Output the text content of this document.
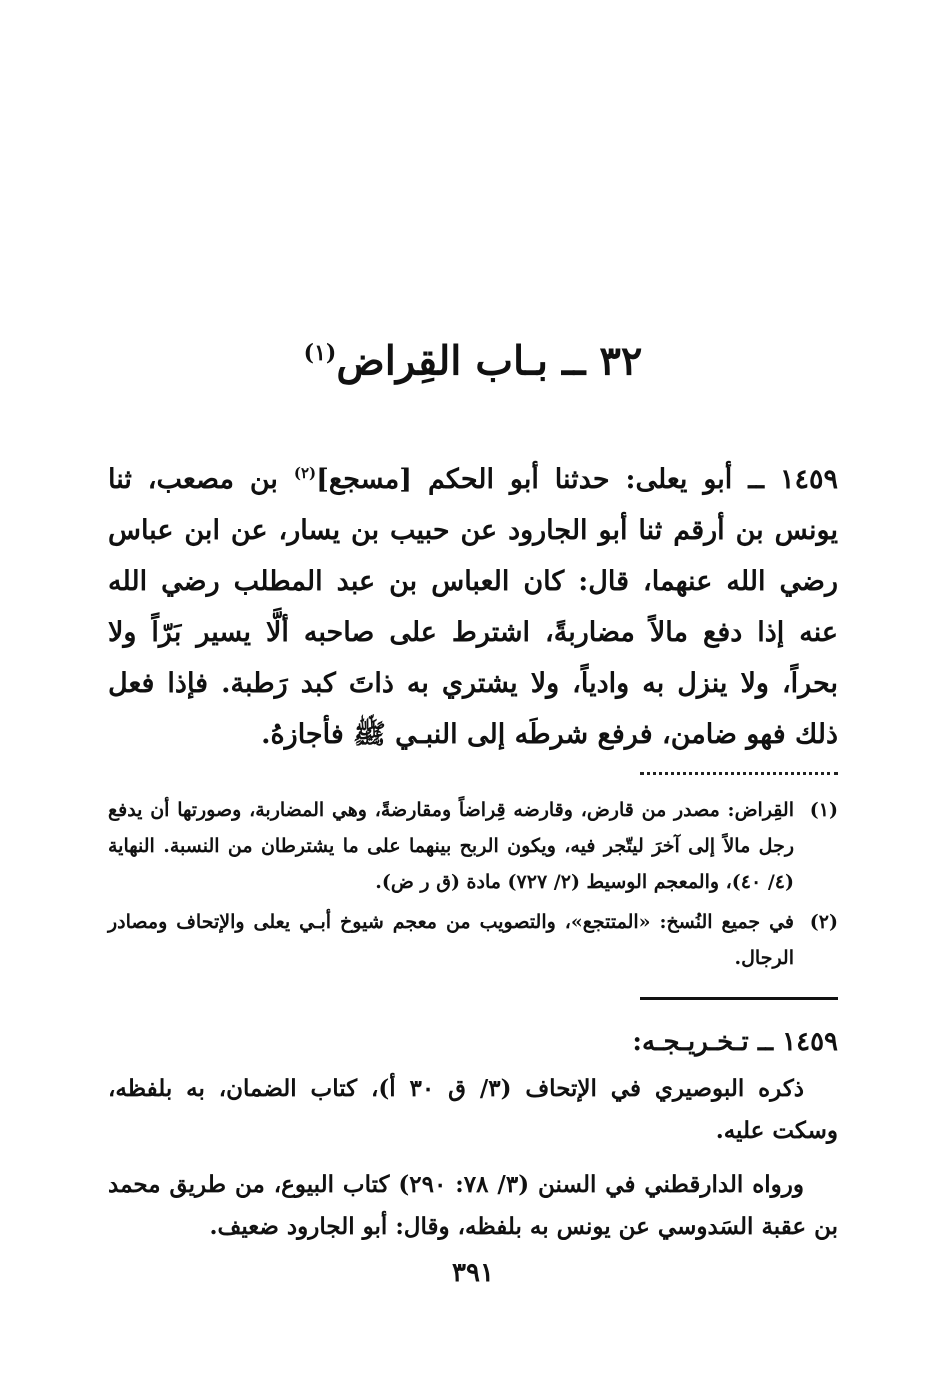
٣٢ ــ بـاب القِراض$^{(١)}$

١٤٥٩ ــ أبو يعلى: حدثنا أبو الحكم [مسجع]$^{(٢)}$ بن مصعب، ثنا يونس بن أرقم ثنا أبو الجارود عن حبيب بن يسار، عن ابن عباس رضي الله عنهما، قال: كان العباس بن عبد المطلب رضي الله عنه إذا دفع مالاً مضاربةً، اشترط على صاحبه ألَّا يسير بَرّاً ولا بحراً، ولا ينزل به وادياً، ولا يشتري به ذاتَ كبد رَطبة. فإذا فعل ذلك فهو ضامن، فرفع شرطَه إلى النبـي ﷺ فأجازهُ.

(١)
القِراض: مصدر من قارض، وقارضه قِراضاً ومقارضةً، وهي المضاربة، وصورتها أن يدفع رجل مالاً إلى آخرَ ليتّجر فيه، ويكون الربح بينهما على ما يشترطان من النسبة. النهاية (٤/ ٤٠)، والمعجم الوسيط (٢/ ٧٢٧) مادة (ق ر ض).

(٢)
في جميع النُسخ: «المتتجع»، والتصويب من معجم شيوخ أبـي يعلى والإتحاف ومصادر الرجال.

١٤٥٩ ــ تـخـريـجـه:

ذكره البوصيري في الإتحاف (٣/ ق ٣٠ أ)، كتاب الضمان، به بلفظه، وسكت عليه.

ورواه الدارقطني في السنن (٣/ ٧٨: ٢٩٠) كتاب البيوع، من طريق محمد بن عقبة السَدوسي عن يونس به بلفظه، وقال: أبو الجارود ضعيف.

٣٩١
